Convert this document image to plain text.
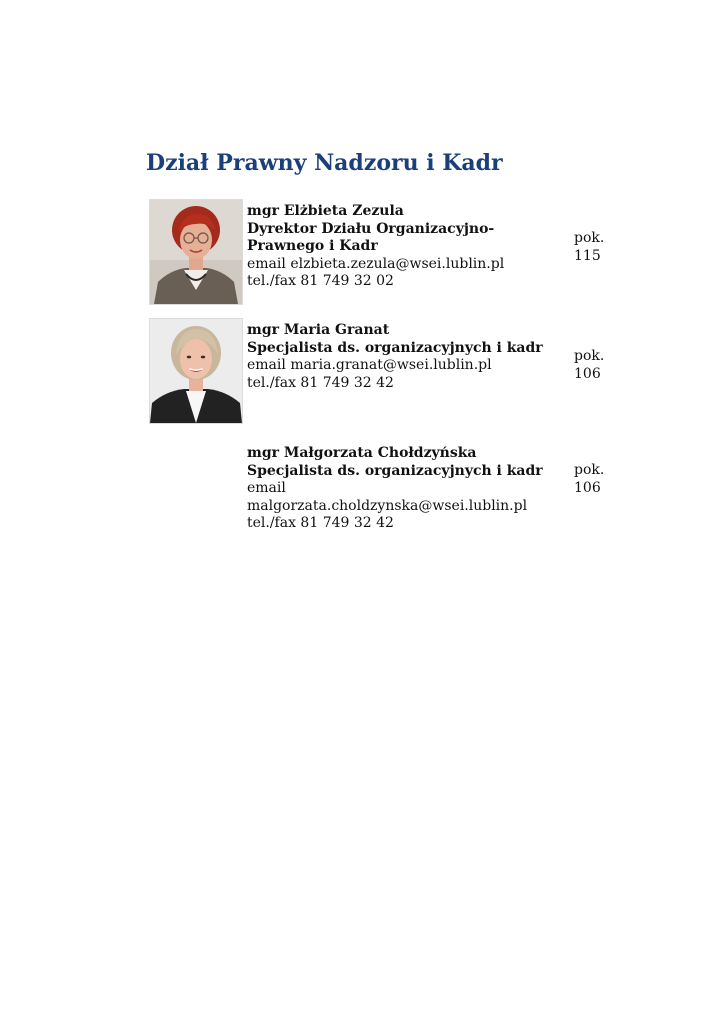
Dział Prawny Nadzoru i Kadr
mgr Elżbieta Zezula
Dyrektor Działu Organizacyjno-Prawnego i Kadr
email elzbieta.zezula@wsei.lublin.pl
tel./fax 81 749 32 02
pok.
115
mgr Maria Granat
Specjalista ds. organizacyjnych i kadr
email maria.granat@wsei.lublin.pl
tel./fax 81 749 32 42
pok.
106
mgr Małgorzata Chołdzyńska
Specjalista ds. organizacyjnych i kadr
email malgorzata.choldzynska@wsei.lublin.pl
tel./fax 81 749 32 42
pok.
106
